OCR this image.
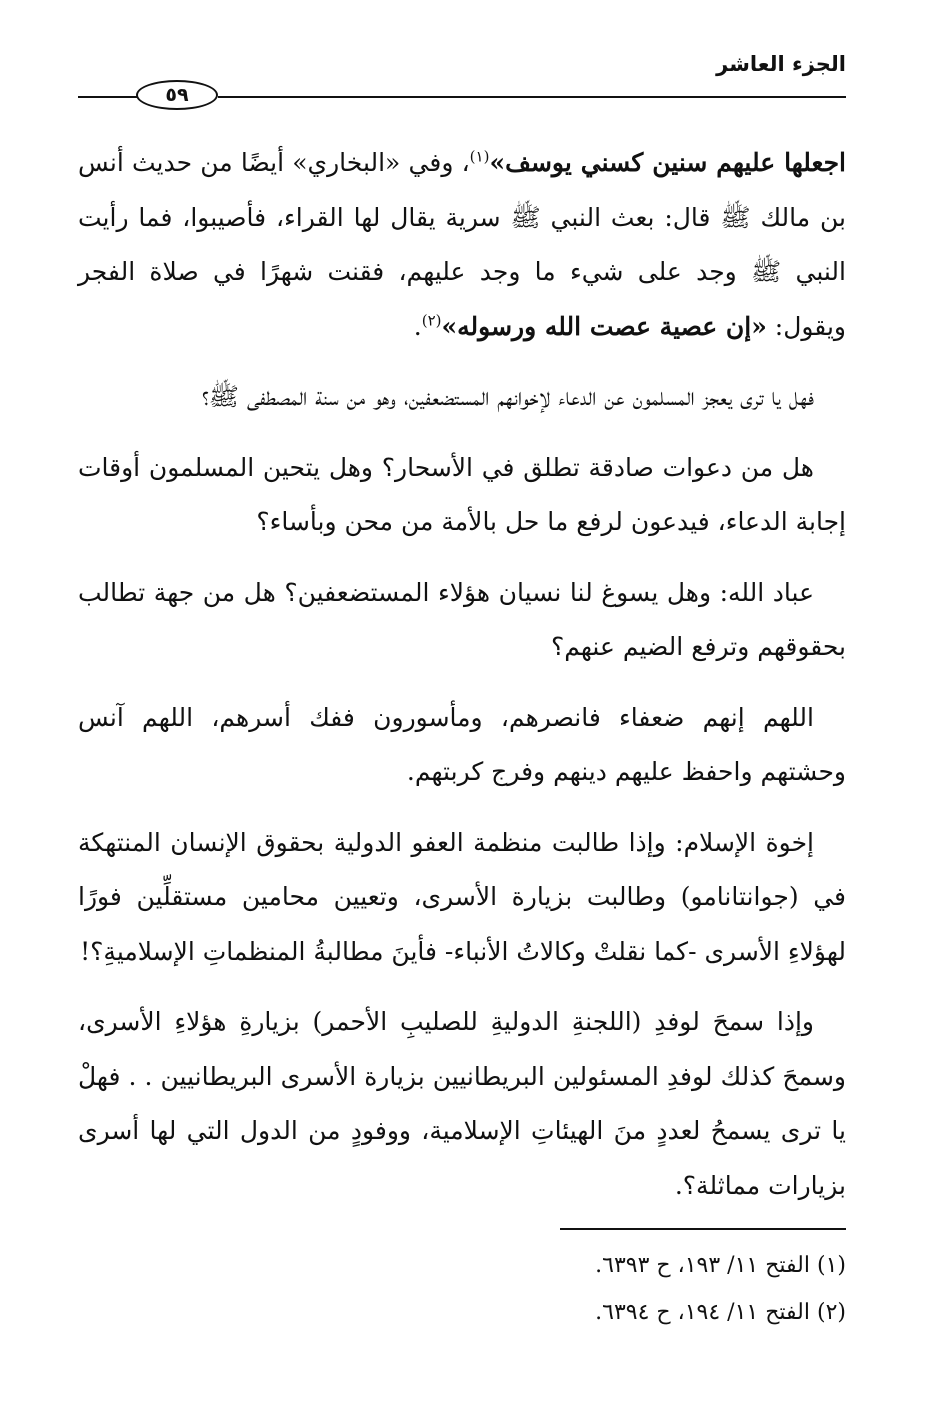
الجزء العاشر
٥٩

اجعلها عليهم سنين كسني يوسف»$^{(١)}$، وفي «البخاري» أيضًا من حديث أنس بن مالك ﷺ قال: بعث النبي ﷺ سرية يقال لها القراء، فأصيبوا، فما رأيت النبي ﷺ وجد على شيء ما وجد عليهم، فقنت شهرًا في صلاة الفجر ويقول: «إن عصية عصت الله ورسوله»$^{(٢)}$.

فهل يا ترى يعجز المسلمون عن الدعاء لإخوانهم المستضعفين، وهو من سنة المصطفى ﷺ؟

هل من دعوات صادقة تطلق في الأسحار؟ وهل يتحين المسلمون أوقات إجابة الدعاء، فيدعون لرفع ما حل بالأمة من محن وبأساء؟

عباد الله: وهل يسوغ لنا نسيان هؤلاء المستضعفين؟ هل من جهة تطالب بحقوقهم وترفع الضيم عنهم؟

اللهم إنهم ضعفاء فانصرهم، ومأسورون ففك أسرهم، اللهم آنس وحشتهم واحفظ عليهم دينهم وفرج كربتهم.

إخوة الإسلام: وإذا طالبت منظمة العفو الدولية بحقوق الإنسان المنتهكة في (جوانتانامو) وطالبت بزيارة الأسرى، وتعيين محامين مستقلِّين فورًا لهؤلاءِ الأسرى -كما نقلتْ وكالاتُ الأنباء- فأينَ مطالبةُ المنظماتِ الإسلاميةِ؟!

وإذا سمحَ لوفدِ (اللجنةِ الدوليةِ للصليبِ الأحمر) بزيارةِ هؤلاءِ الأسرى، وسمحَ كذلك لوفدِ المسئولين البريطانيين بزيارة الأسرى البريطانيين . . فهلْ يا ترى يسمحُ لعددٍ منَ الهيئاتِ الإسلامية، ووفودٍ من الدول التي لها أسرى بزيارات مماثلة؟.

(١) الفتح ١١/ ١٩٣، ح ٦٣٩٣.
(٢) الفتح ١١/ ١٩٤، ح ٦٣٩٤.
